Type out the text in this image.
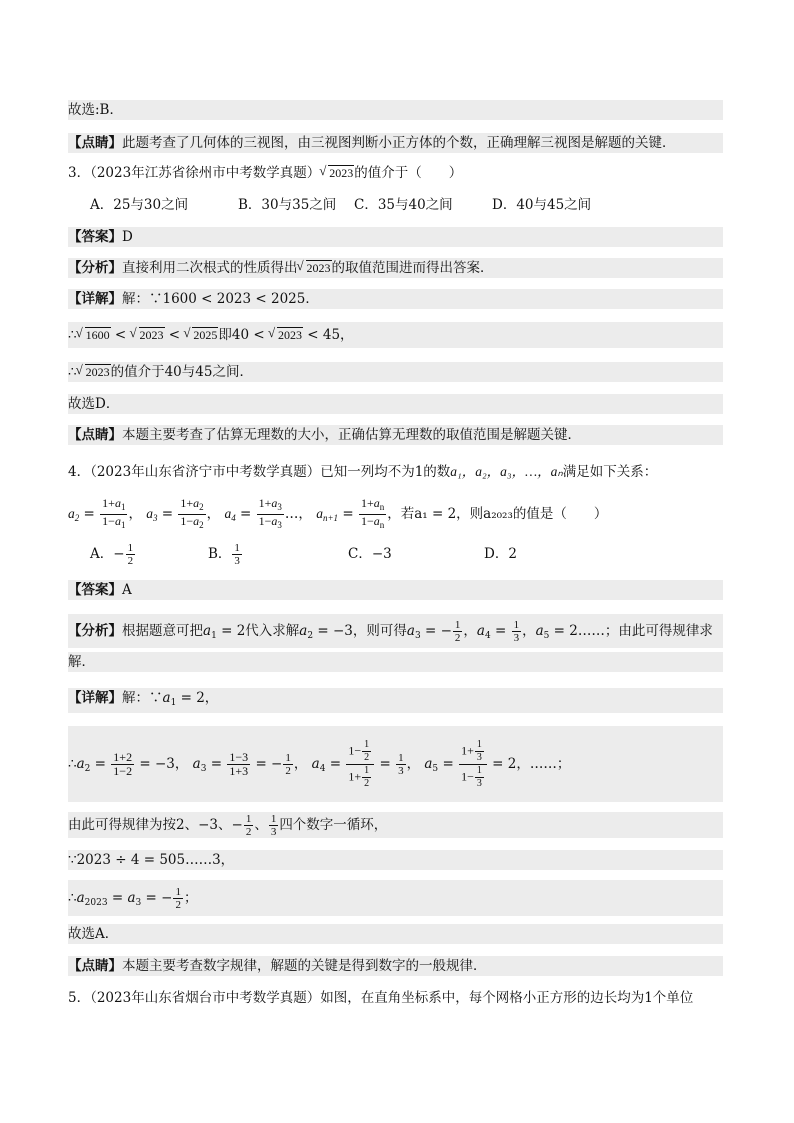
故选:B．
【点睛】此题考查了几何体的三视图，由三视图判断小正方体的个数，正确理解三视图是解题的关键．
3．（2023年江苏省徐州市中考数学真题） √ 2023的值介于（　　）
A．25与30之间	B．30与35之间 C．35与40之间	D．40与45之间
【答案】D
【分析】直接利用二次根式的性质得出 √ 2023的取值范围进而得出答案．
【详解】解：∵1600 < 2023 < 2025．
∴ √ 1600 < √ 2023 < √ 2025即40 < √ 2023 < 45，
∴ √ 2023的值介于40与45之间．
故选D．
【点睛】本题主要考查了估算无理数的大小，正确估算无理数的取值范围是解题关键．
4．（2023年山东省济宁市中考数学真题）已知一列均不为1的数a₁，a₂，a₃，…，aₙ满足如下关系：
$a_2 = \frac{1+a_1}{1-a_1}$ ， $a_3 = \frac{1+a_2}{1-a_2}$ ， $a_4 = \frac{1+a_3}{1-a_3}$ …， $a_{n+1} = \frac{1+a_n}{1-a_n}$ ，若a₁ = 2，则a₂₀₂₃的值是（　　）
A．− $\frac{1}{2}$	B． $\frac{1}{3}$	C．−3	D．2
【答案】A
【分析】根据题意可把$a_1 = 2$代入求解$a_2 = -3$，则可得$a_3$ = − $\frac{1}{2}$ ，$a_4 = \frac{1}{3}$ ，$a_5$ = 2……；由此可得规律求
解．
【详解】解：$\because a_1 = 2$，
$\therefore a_2 = \frac{1+2}{1-2} = -3$， $a_3 = \frac{1-3}{1+3}$ = − $\frac{1}{2}$ ， $a_4 = \frac{1- \frac{1}{2}}{1+ \frac{1}{2}} = \frac{1}{3}$ ， $a_5 = \frac{1+ \frac{1}{3}}{1- \frac{1}{3}} = 2$，……；
由此可得规律为按2、−3、− $\frac{1}{2}$ 、 $\frac{1}{3}$ 四个数字一循环，
∵2023 ÷ 4 = 505……3，
$\therefore a_{2023} = a_3$ = − $\frac{1}{2}$ ；
故选A．
【点睛】本题主要考查数字规律，解题的关键是得到数字的一般规律．
5．（2023年山东省烟台市中考数学真题）如图，在直角坐标系中，每个网格小正方形的边长均为1个单位
